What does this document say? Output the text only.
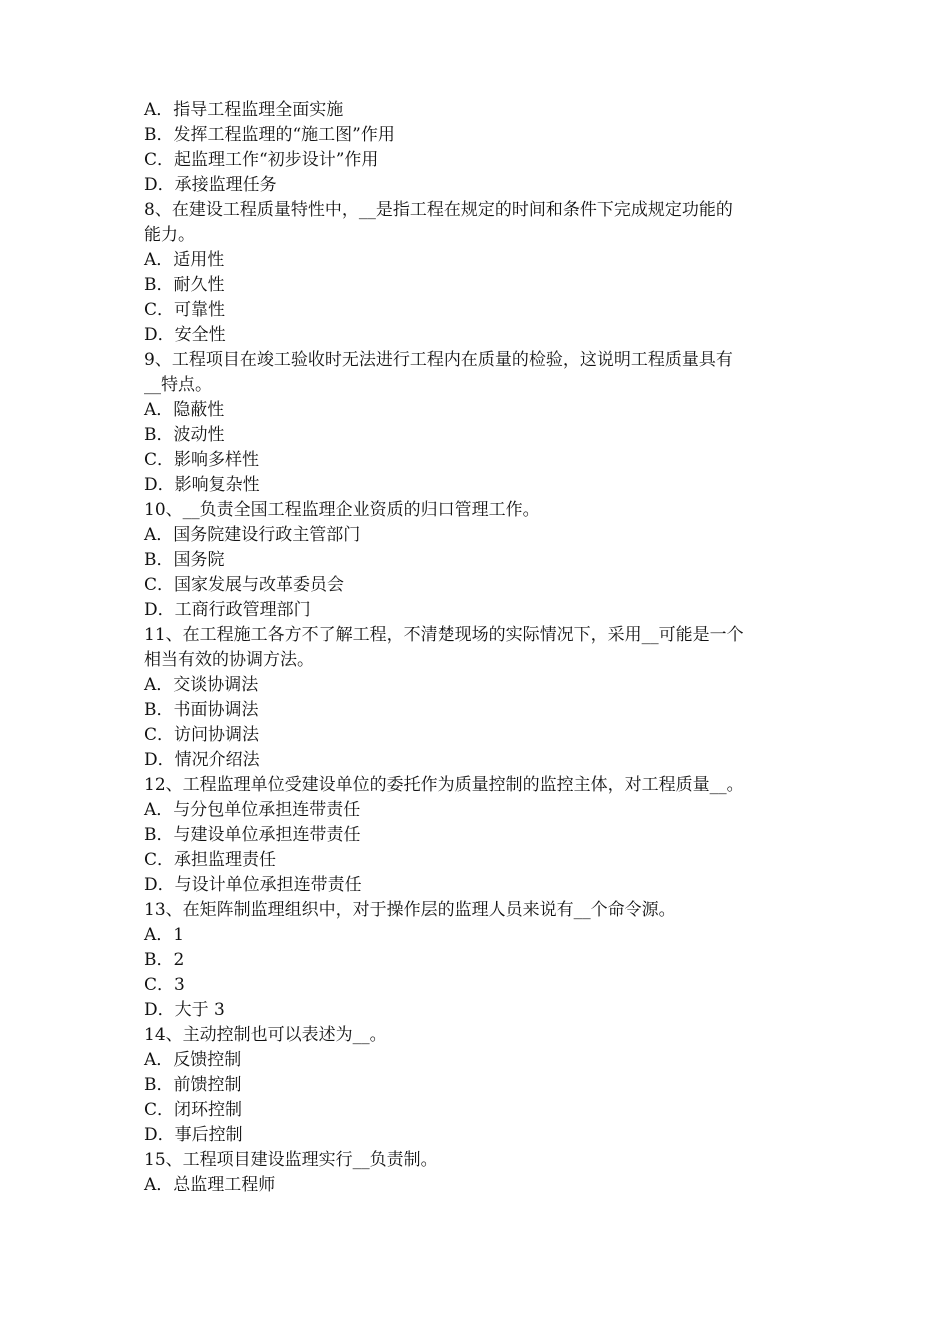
A．指导工程监理全面实施
B．发挥工程监理的“施工图”作用
C．起监理工作“初步设计”作用
D．承接监理任务
8、在建设工程质量特性中，__是指工程在规定的时间和条件下完成规定功能的
能力。
A．适用性
B．耐久性
C．可靠性
D．安全性
9、工程项目在竣工验收时无法进行工程内在质量的检验，这说明工程质量具有
__特点。
A．隐蔽性
B．波动性
C．影响多样性
D．影响复杂性
10、__负责全国工程监理企业资质的归口管理工作。
A．国务院建设行政主管部门
B．国务院
C．国家发展与改革委员会
D．工商行政管理部门
11、在工程施工各方不了解工程，不清楚现场的实际情况下，采用__可能是一个
相当有效的协调方法。
A．交谈协调法
B．书面协调法
C．访问协调法
D．情况介绍法
12、工程监理单位受建设单位的委托作为质量控制的监控主体，对工程质量__。
A．与分包单位承担连带责任
B．与建设单位承担连带责任
C．承担监理责任
D．与设计单位承担连带责任
13、在矩阵制监理组织中，对于操作层的监理人员来说有__个命令源。
A．1
B．2
C．3
D．大于 3
14、主动控制也可以表述为__。
A．反馈控制
B．前馈控制
C．闭环控制
D．事后控制
15、工程项目建设监理实行__负责制。
A．总监理工程师
